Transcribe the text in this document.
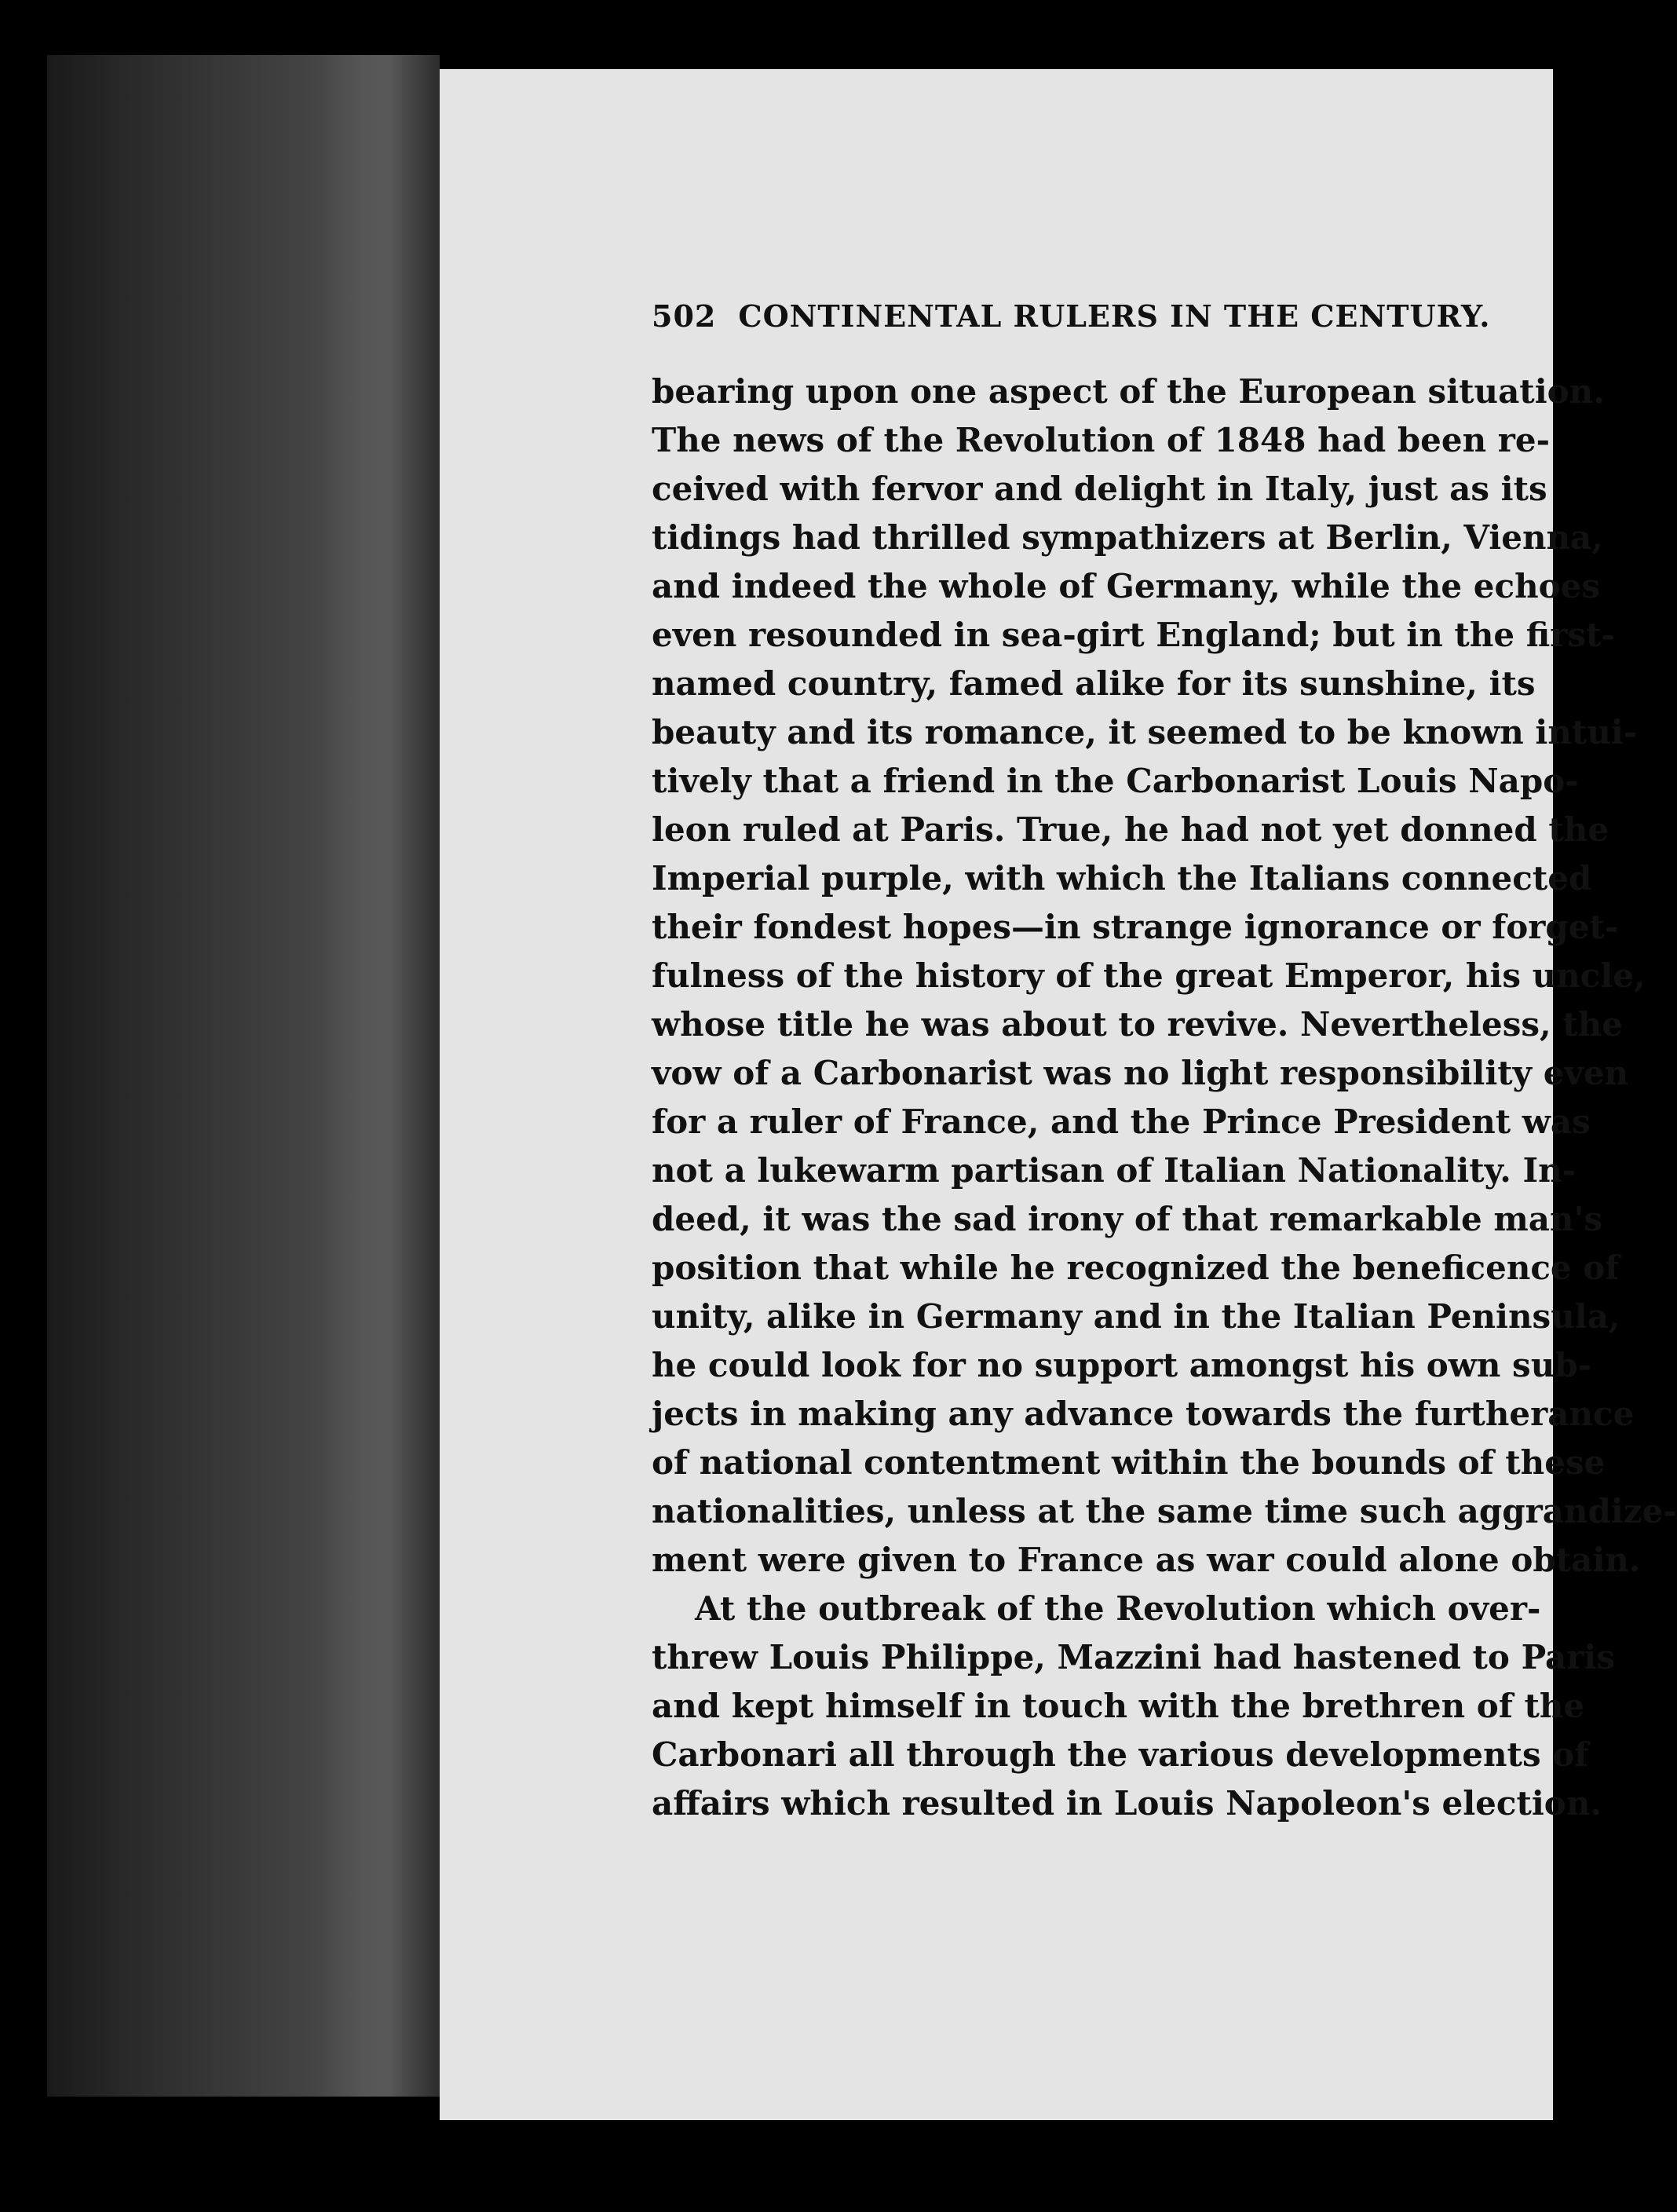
502 CONTINENTAL RULERS IN THE CENTURY.
bearing upon one aspect of the European situation.
The news of the Revolution of 1848 had been re-
ceived with fervor and delight in Italy, just as its
tidings had thrilled sympathizers at Berlin, Vienna,
and indeed the whole of Germany, while the echoes
even resounded in sea-girt England; but in the first-
named country, famed alike for its sunshine, its
beauty and its romance, it seemed to be known intui-
tively that a friend in the Carbonarist Louis Napo-
leon ruled at Paris. True, he had not yet donned the
Imperial purple, with which the Italians connected
their fondest hopes—in strange ignorance or forget-
fulness of the history of the great Emperor, his uncle,
whose title he was about to revive. Nevertheless, the
vow of a Carbonarist was no light responsibility even
for a ruler of France, and the Prince President was
not a lukewarm partisan of Italian Nationality. In-
deed, it was the sad irony of that remarkable man's
position that while he recognized the beneficence of
unity, alike in Germany and in the Italian Peninsula,
he could look for no support amongst his own sub-
jects in making any advance towards the furtherance
of national contentment within the bounds of these
nationalities, unless at the same time such aggrandize-
ment were given to France as war could alone obtain.
At the outbreak of the Revolution which over-
threw Louis Philippe, Mazzini had hastened to Paris
and kept himself in touch with the brethren of the
Carbonari all through the various developments of
affairs which resulted in Louis Napoleon's election.
